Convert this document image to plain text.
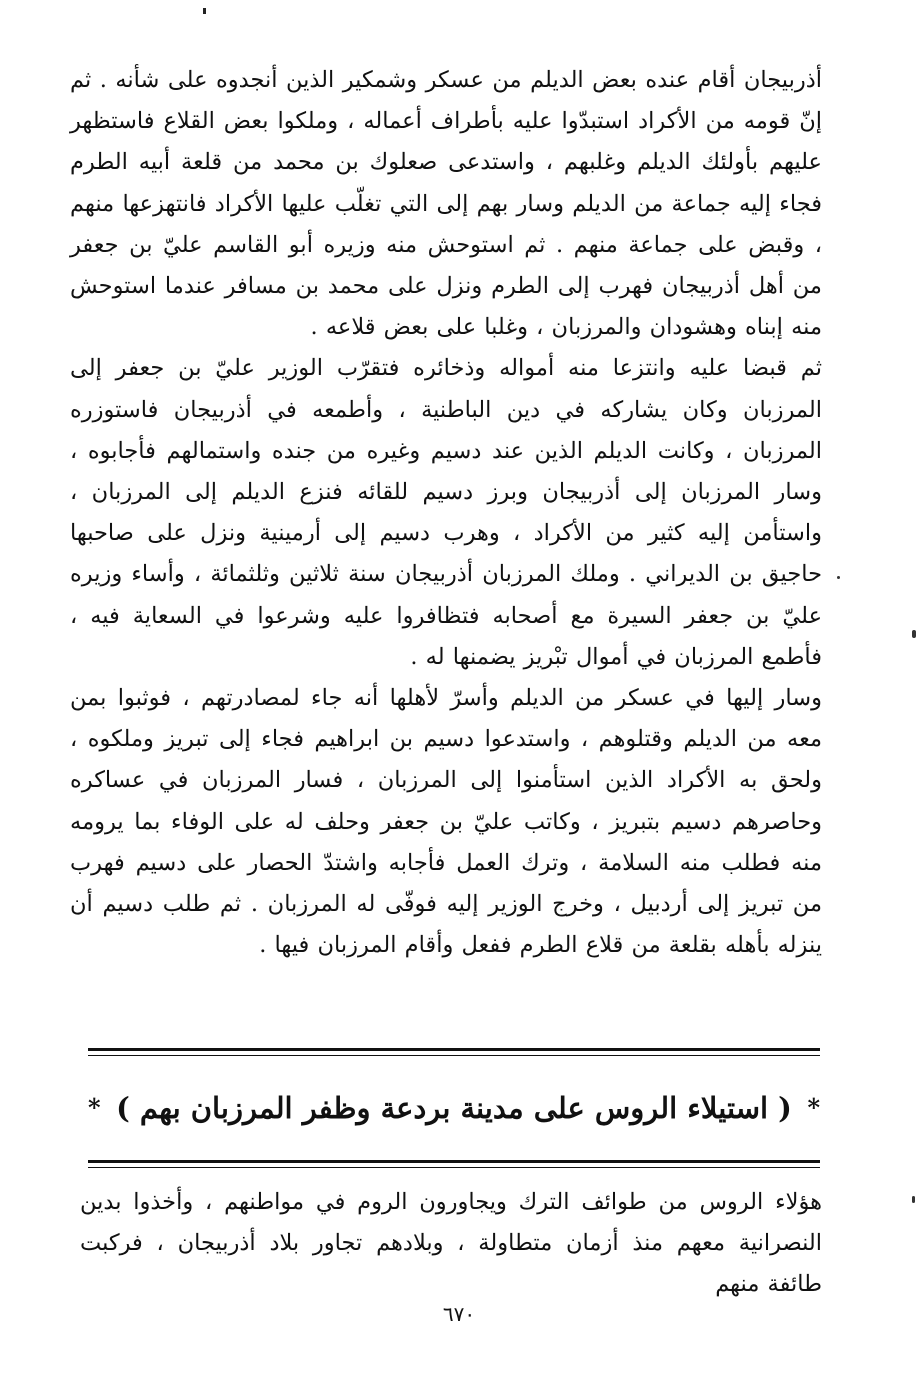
أذربيجان أقام عنده بعض الديلم من عسكر وشمكير الذين أنجدوه على شأنه . ثم إنّ قومه من الأكراد استبدّوا عليه بأطراف أعماله ، وملكوا بعض القلاع فاستظهر عليهم بأولئك الديلم وغلبهم ، واستدعى صعلوك بن محمد من قلعة أبيه الطرم فجاء إليه جماعة من الديلم وسار بهم إلى التي تغلّب عليها الأكراد فانتهزعها منهم ، وقبض على جماعة منهم . ثم استوحش منه وزيره أبو القاسم عليّ بن جعفر من أهل أذربيجان فهرب إلى الطرم ونزل على محمد بن مسافر عندما استوحش منه إبناه وهشودان والمرزبان ، وغلبا على بعض قلاعه .

ثم قبضا عليه وانتزعا منه أمواله وذخائره فتقرّب الوزير عليّ بن جعفر إلى المرزبان وكان يشاركه في دين الباطنية ، وأطمعه في أذربيجان فاستوزره المرزبان ، وكانت الديلم الذين عند دسيم وغيره من جنده واستمالهم فأجابوه ، وسار المرزبان إلى أذربيجان وبرز دسيم للقائه فنزع الديلم إلى المرزبان ، واستأمن إليه كثير من الأكراد ، وهرب دسيم إلى أرمينية ونزل على صاحبها حاجيق بن الديراني . وملك المرزبان أذربيجان سنة ثلاثين وثلثمائة ، وأساء وزيره عليّ بن جعفر السيرة مع أصحابه فتظافروا عليه وشرعوا في السعاية فيه ، فأطمع المرزبان في أموال تبْريز يضمنها له .

وسار إليها في عسكر من الديلم وأسرّ لأهلها أنه جاء لمصادرتهم ، فوثبوا بمن معه من الديلم وقتلوهم ، واستدعوا دسيم بن ابراهيم فجاء إلى تبريز وملكوه ، ولحق به الأكراد الذين استأمنوا إلى المرزبان ، فسار المرزبان في عساكره وحاصرهم دسيم بتبريز ، وكاتب عليّ بن جعفر وحلف له على الوفاء بما يرومه منه فطلب منه السلامة ، وترك العمل فأجابه واشتدّ الحصار على دسيم فهرب من تبريز إلى أردبيل ، وخرج الوزير إليه فوفّى له المرزبان . ثم طلب دسيم أن ينزله بأهله بقلعة من قلاع الطرم ففعل وأقام المرزبان فيها .

*
( استيلاء الروس على مدينة بردعة وظفر المرزبان بهم )
*

هؤلاء الروس من طوائف الترك ويجاورون الروم في مواطنهم ، وأخذوا بدين النصرانية معهم منذ أزمان متطاولة ، وبلادهم تجاور بلاد أذربيجان ، فركبت طائفة منهم

٦٧٠
